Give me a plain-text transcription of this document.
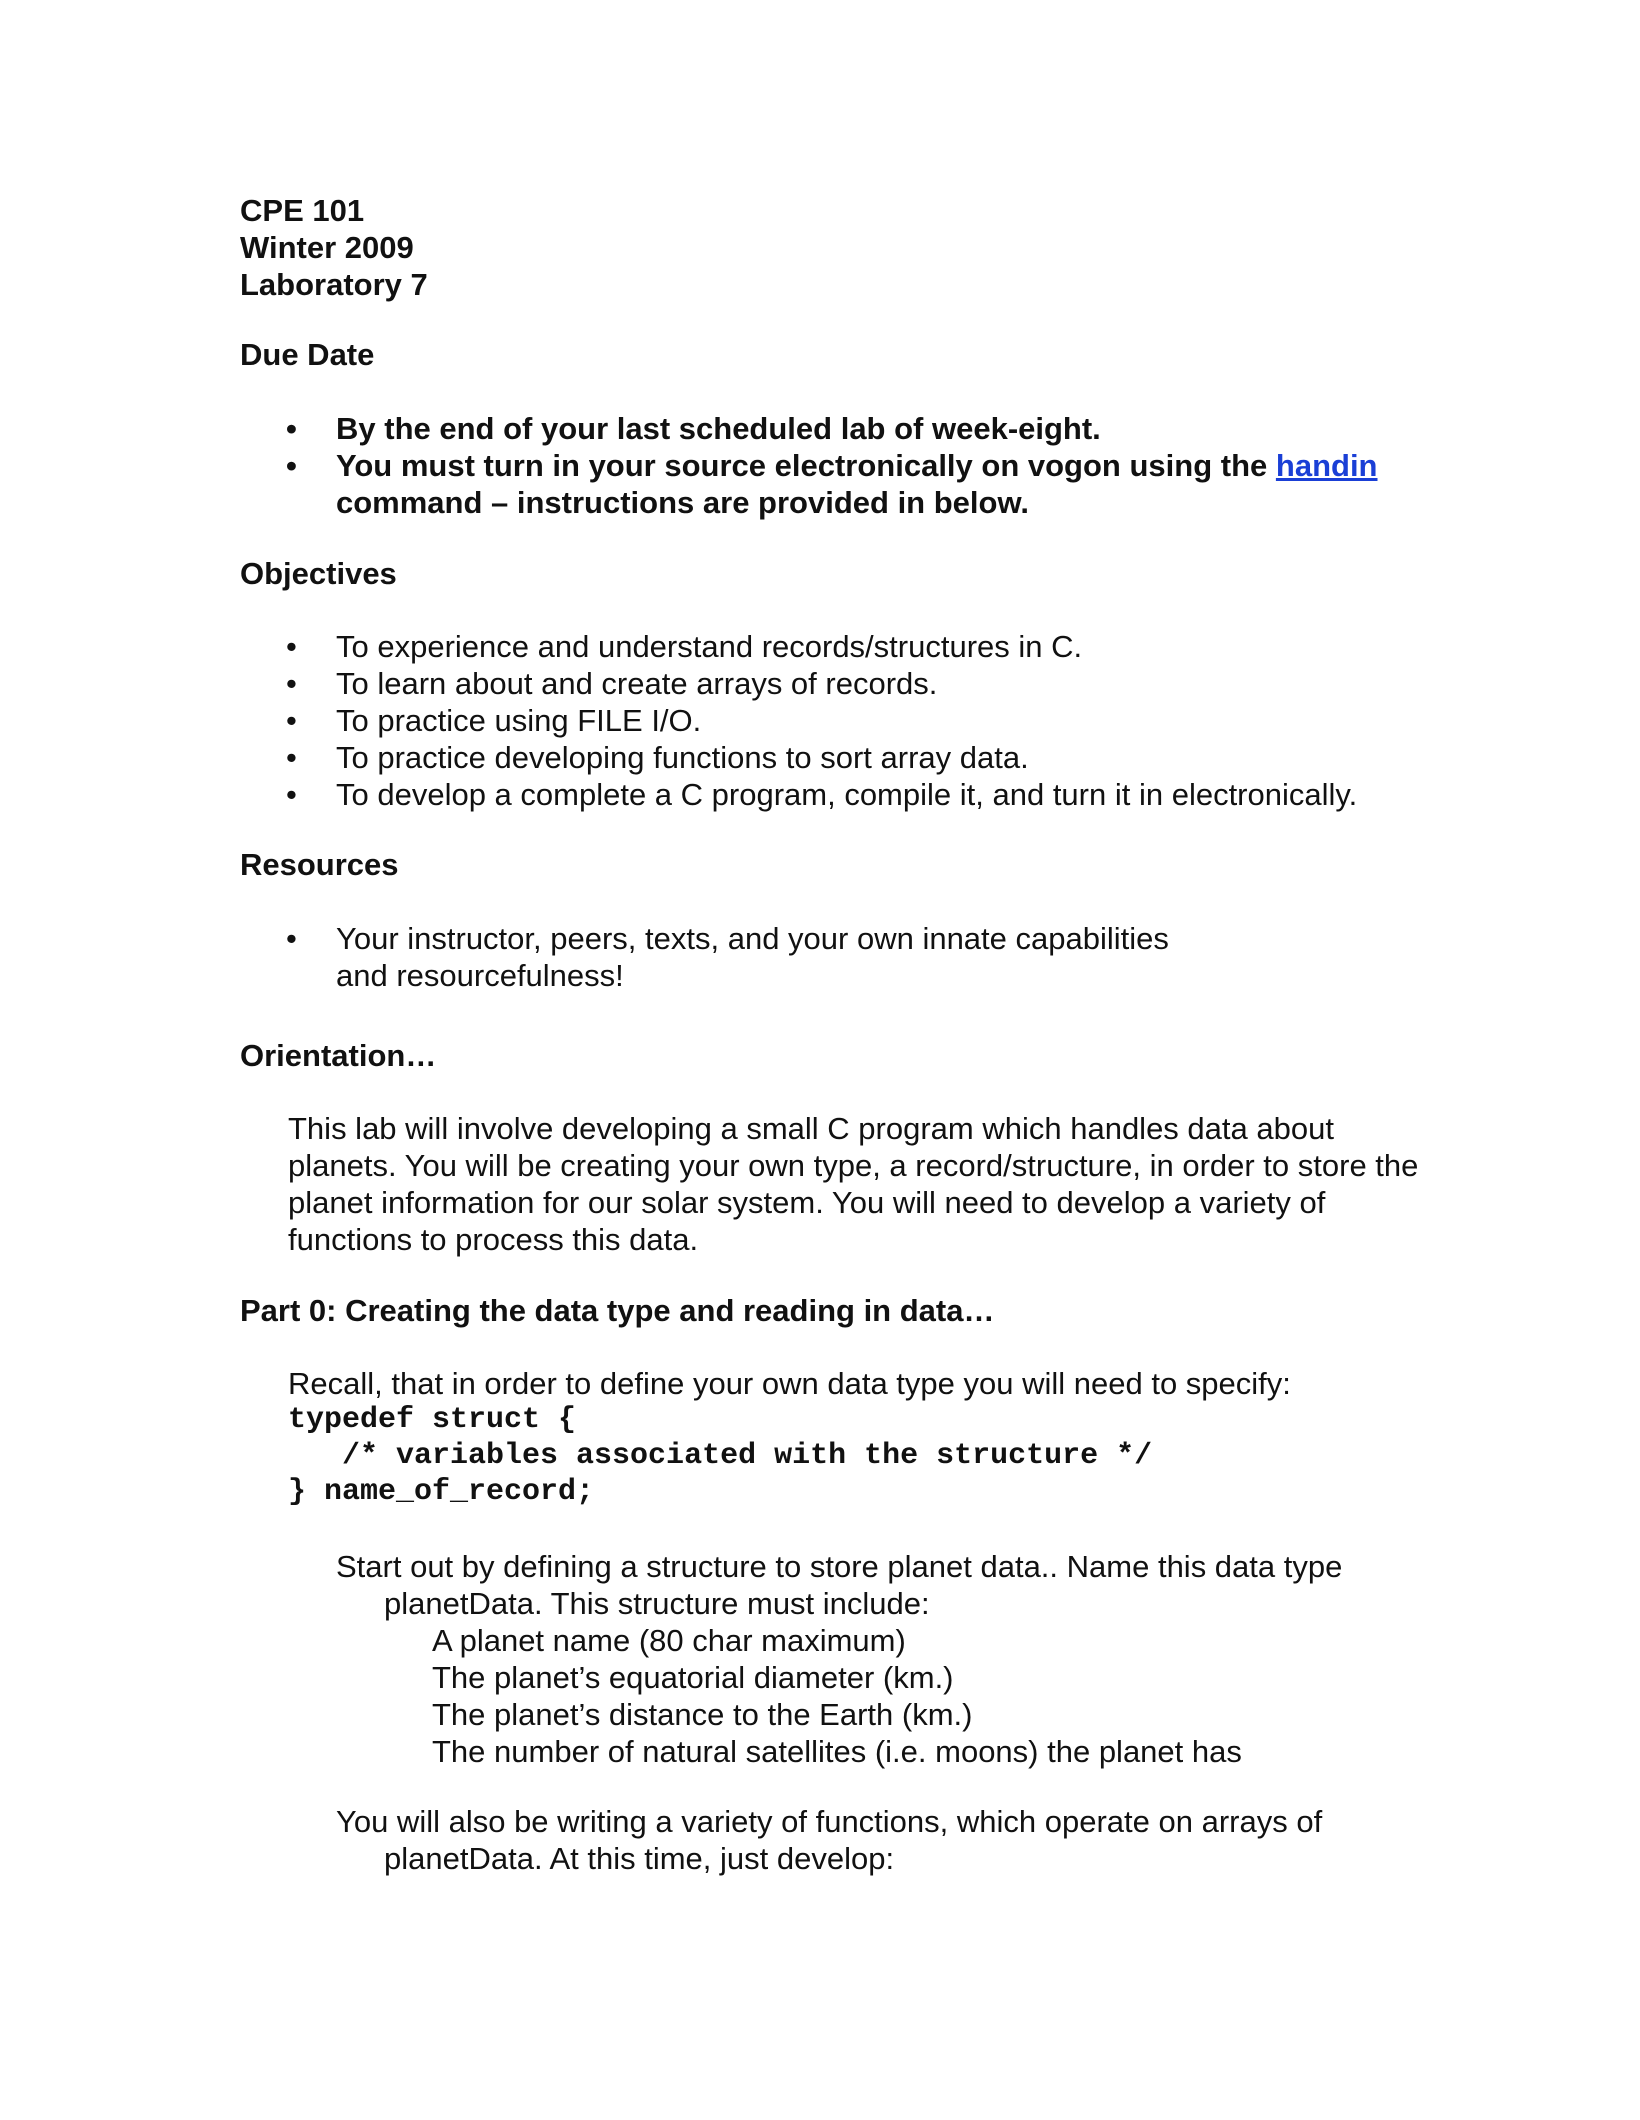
CPE 101
Winter 2009
Laboratory 7
Due Date
• By the end of your last scheduled lab of week-eight.
• You must turn in your source electronically on vogon using the handin
command – instructions are provided in below.
Objectives
• To experience and understand records/structures in C.
• To learn about and create arrays of records.
• To practice using FILE I/O.
• To practice developing functions to sort array data.
• To develop a complete a C program, compile it, and turn it in electronically.
Resources
• Your instructor, peers, texts, and your own innate capabilities and resourcefulness!
Orientation…

This lab will involve developing a small C program which handles data about planets. You will be creating your own type, a record/structure, in order to store the planet information for our solar system. You will need to develop a variety of functions to process this data.

Part 0: Creating the data type and reading in data…

Recall, that in order to define your own data type you will need to specify:

typedef struct {
/* variables associated with the structure */
} name_of_record;

Start out by defining a structure to store planet data.. Name this data type
planetData. This structure must include:
A planet name (80 char maximum)
The planet’s equatorial diameter (km.)
The planet’s distance to the Earth (km.)
The number of natural satellites (i.e. moons) the planet has

You will also be writing a variety of functions, which operate on arrays of
planetData. At this time, just develop:
